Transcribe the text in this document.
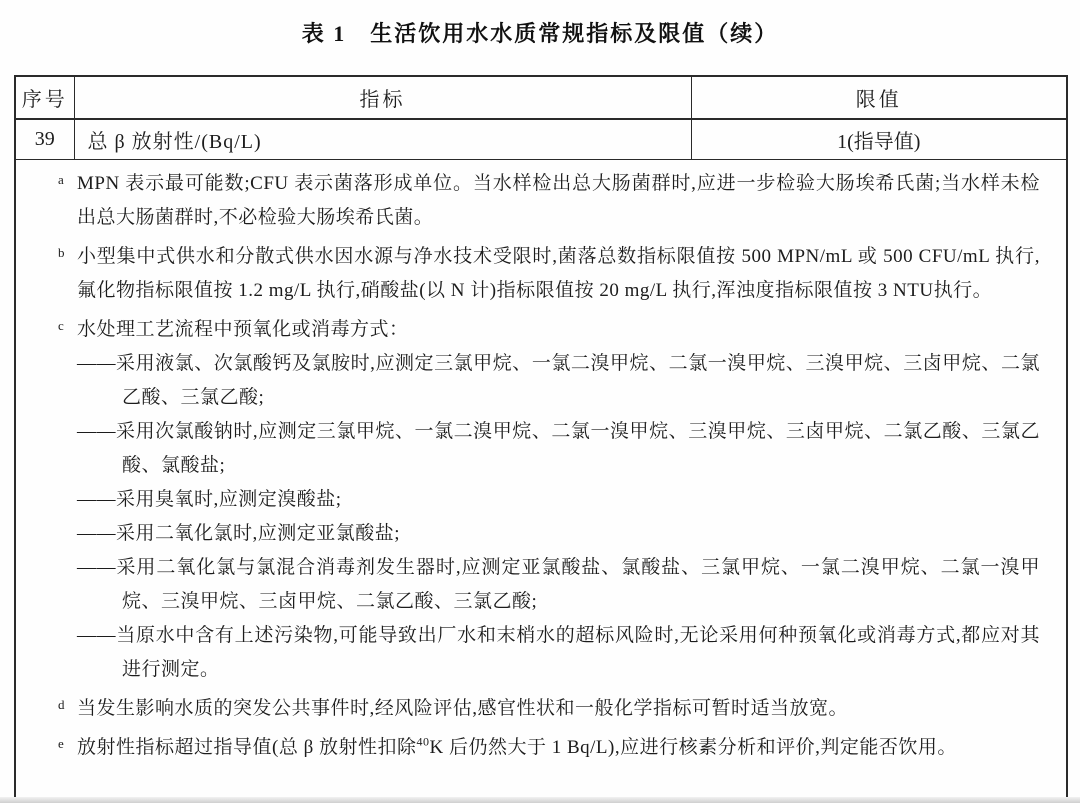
表 1　生活饮用水水质常规指标及限值（续）
序号	指标	限值
39	总 β 放射性/(Bq/L)	1(指导值)

a MPN 表示最可能数;CFU 表示菌落形成单位。当水样检出总大肠菌群时,应进一步检验大肠埃希氏菌;当水样未检出总大肠菌群时,不必检验大肠埃希氏菌。
b 小型集中式供水和分散式供水因水源与净水技术受限时,菌落总数指标限值按 500 MPN/mL 或 500 CFU/mL 执行,氟化物指标限值按 1.2 mg/L 执行,硝酸盐(以 N 计)指标限值按 20 mg/L 执行,浑浊度指标限值按 3 NTU执行。
c 水处理工艺流程中预氧化或消毒方式：
——采用液氯、次氯酸钙及氯胺时,应测定三氯甲烷、一氯二溴甲烷、二氯一溴甲烷、三溴甲烷、三卤甲烷、二氯乙酸、三氯乙酸;
——采用次氯酸钠时,应测定三氯甲烷、一氯二溴甲烷、二氯一溴甲烷、三溴甲烷、三卤甲烷、二氯乙酸、三氯乙酸、氯酸盐;
——采用臭氧时,应测定溴酸盐;
——采用二氧化氯时,应测定亚氯酸盐;
——采用二氧化氯与氯混合消毒剂发生器时,应测定亚氯酸盐、氯酸盐、三氯甲烷、一氯二溴甲烷、二氯一溴甲烷、三溴甲烷、三卤甲烷、二氯乙酸、三氯乙酸;
——当原水中含有上述污染物,可能导致出厂水和末梢水的超标风险时,无论采用何种预氧化或消毒方式,都应对其进行测定。
d 当发生影响水质的突发公共事件时,经风险评估,感官性状和一般化学指标可暂时适当放宽。
e 放射性指标超过指导值(总 β 放射性扣除$^{40}$K 后仍然大于 1 Bq/L),应进行核素分析和评价,判定能否饮用。
